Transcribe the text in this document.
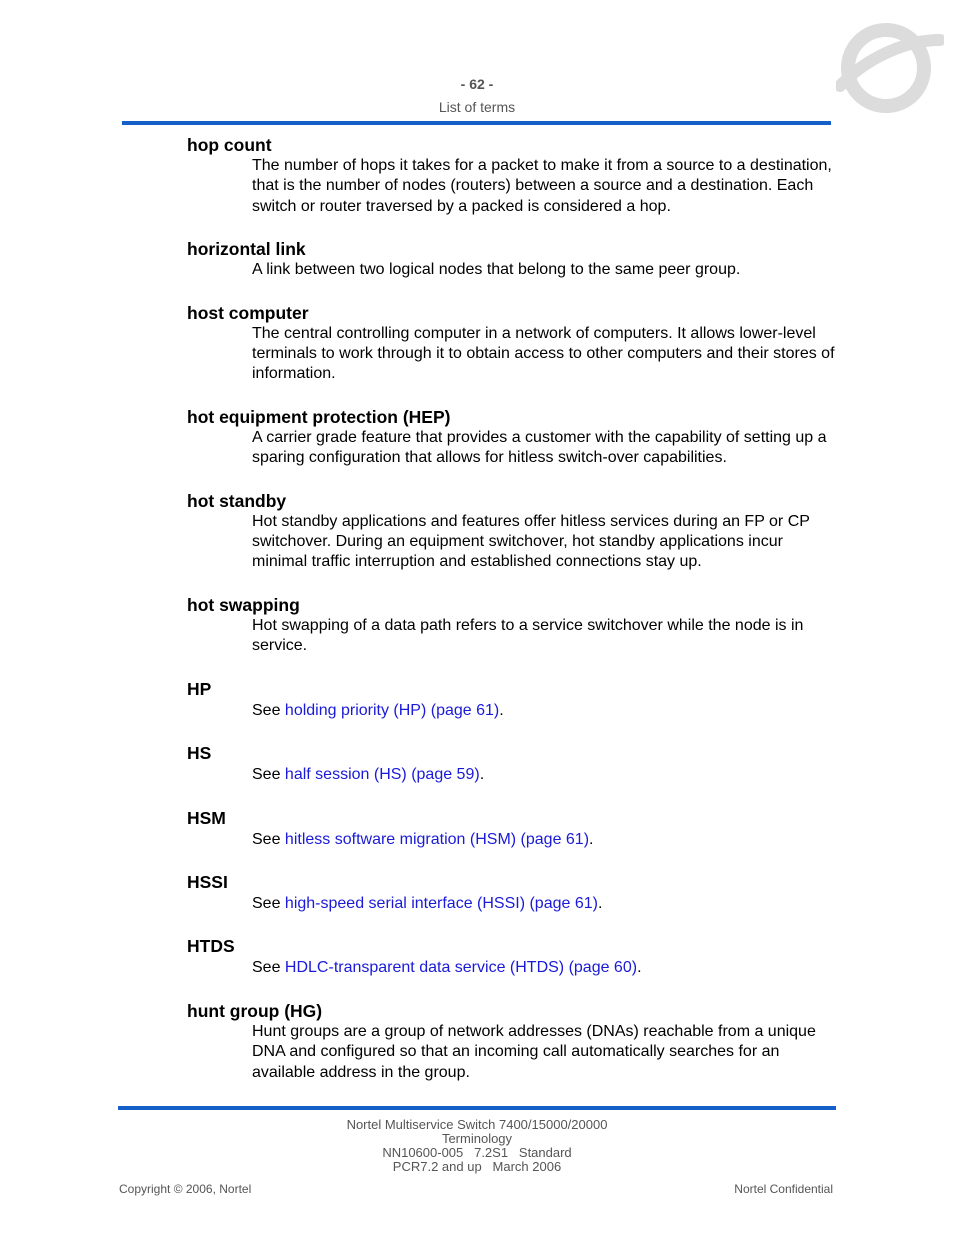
- 62 -
List of terms
hop count
The number of hops it takes for a packet to make it from a source to a destination, that is the number of nodes (routers) between a source and a destination. Each switch or router traversed by a packed is considered a hop.
horizontal link
A link between two logical nodes that belong to the same peer group.
host computer
The central controlling computer in a network of computers. It allows lower-level terminals to work through it to obtain access to other computers and their stores of information.
hot equipment protection (HEP)
A carrier grade feature that provides a customer with the capability of setting up a sparing configuration that allows for hitless switch-over capabilities.
hot standby
Hot standby applications and features offer hitless services during an FP or CP switchover. During an equipment switchover, hot standby applications incur minimal traffic interruption and established connections stay up.
hot swapping
Hot swapping of a data path refers to a service switchover while the node is in service.
HP
See holding priority (HP) (page 61).
HS
See half session (HS) (page 59).
HSM
See hitless software migration (HSM) (page 61).
HSSI
See high-speed serial interface (HSSI) (page 61).
HTDS
See HDLC-transparent data service (HTDS) (page 60).
hunt group (HG)
Hunt groups are a group of network addresses (DNAs) reachable from a unique DNA and configured so that an incoming call automatically searches for an available address in the group.
Nortel Multiservice Switch 7400/15000/20000
Terminology
NN10600-005   7.2S1   Standard
PCR7.2 and up   March 2006
Copyright © 2006, Nortel	Nortel Confidential
